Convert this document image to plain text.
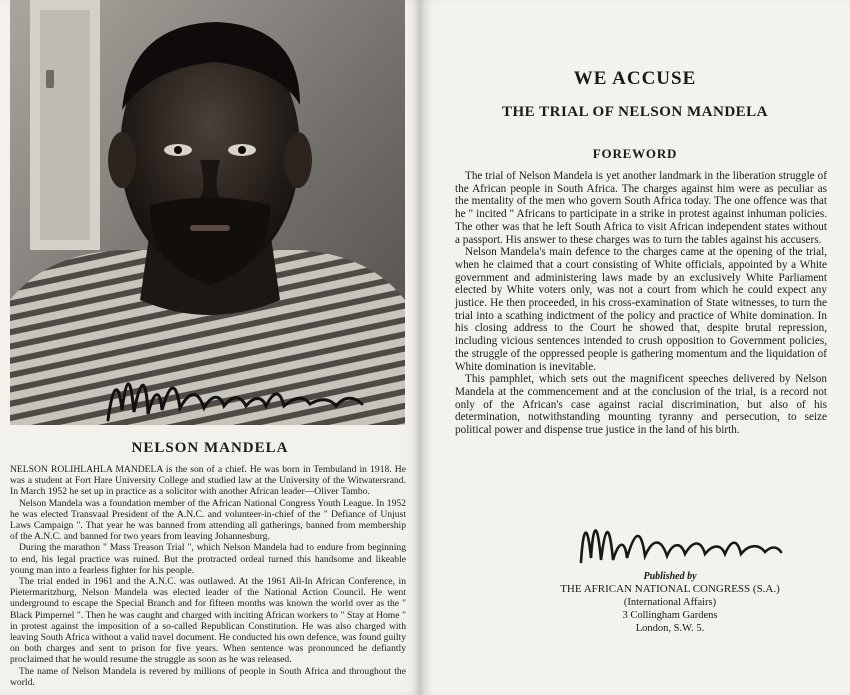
NELSON MANDELA

NELSON ROLIHLAHLA MANDELA is the son of a chief. He was born in Tembuland in 1918. He was a student at Fort Hare University College and studied law at the University of the Witwatersrand. In March 1952 he set up in practice as a solicitor with another African leader—Oliver Tambo.

Nelson Mandela was a foundation member of the African National Congress Youth League. In 1952 he was elected Transvaal President of the A.N.C. and volunteer-in-chief of the " Defiance of Unjust Laws Campaign ". That year he was banned from attending all gatherings, banned from membership of the A.N.C. and banned for two years from leaving Johannesburg.

During the marathon " Mass Treason Trial ", which Nelson Mandela had to endure from beginning to end, his legal practice was ruined. But the protracted ordeal turned this handsome and likeable young man into a fearless fighter for his people.

The trial ended in 1961 and the A.N.C. was outlawed. At the 1961 All-In African Conference, in Pietermaritzburg, Nelson Mandela was elected leader of the National Action Council. He went underground to escape the Special Branch and for fifteen months was known the world over as the " Black Pimpernel ". Then he was caught and charged with inciting African workers to " Stay at Home " in protest against the imposition of a so-called Republican Constitution. He was also charged with leaving South Africa without a valid travel document. He conducted his own defence, was found guilty on both charges and sent to prison for five years. When sentence was pronounced he defiantly proclaimed that he would resume the struggle as soon as he was released.

The name of Nelson Mandela is revered by millions of people in South Africa and throughout the world.

WE ACCUSE
THE TRIAL OF NELSON MANDELA
FOREWORD

The trial of Nelson Mandela is yet another landmark in the liberation struggle of the African people in South Africa. The charges against him were as peculiar as the mentality of the men who govern South Africa today. The one offence was that he " incited " Africans to participate in a strike in protest against inhuman policies. The other was that he left South Africa to visit African independent states without a passport. His answer to these charges was to turn the tables against his accusers.

Nelson Mandela's main defence to the charges came at the opening of the trial, when he claimed that a court consisting of White officials, appointed by a White government and administering laws made by an exclusively White Parliament elected by White voters only, was not a court from which he could expect any justice. He then proceeded, in his cross-examination of State witnesses, to turn the trial into a scathing indictment of the policy and practice of White domination. In his closing address to the Court he showed that, despite brutal repression, including vicious sentences intended to crush opposition to Government policies, the struggle of the oppressed people is gathering momentum and the liquidation of White domination is inevitable.

This pamphlet, which sets out the magnificent speeches delivered by Nelson Mandela at the commencement and at the conclusion of the trial, is a record not only of the African's case against racial discrimination, but also of his determination, notwithstanding mounting tyranny and persecution, to seize political power and dispense true justice in the land of his birth.

Published by
THE AFRICAN NATIONAL CONGRESS (S.A.)
(International Affairs)
3 Collingham Gardens
London, S.W. 5.
